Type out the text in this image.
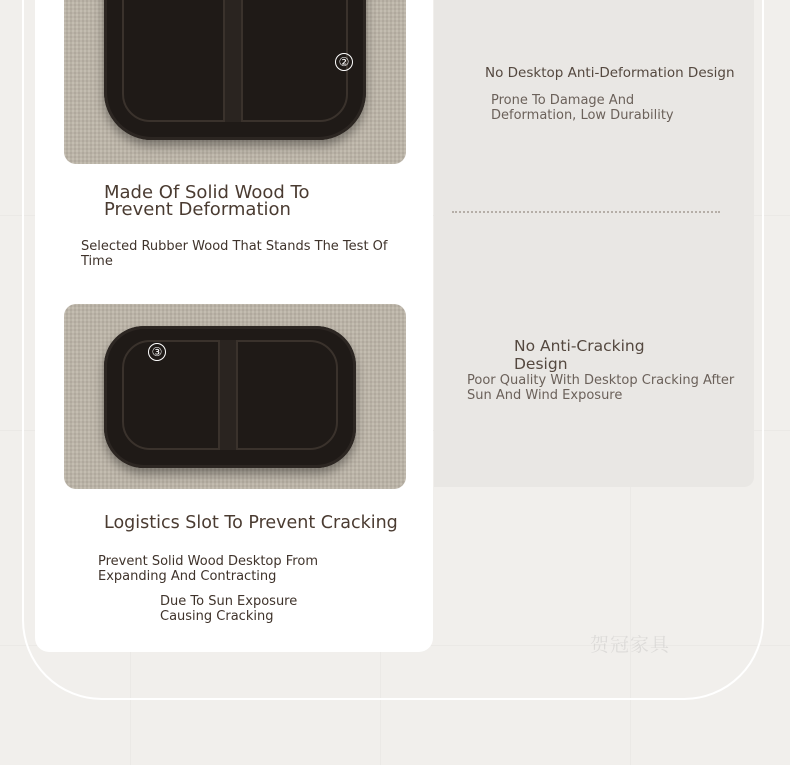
贺冠家具
②
Made Of Solid Wood To Prevent Deformation
Selected Rubber Wood That Stands The Test Of Time
③
Logistics Slot To Prevent Cracking
Prevent Solid Wood Desktop From Expanding And Contracting
Due To Sun Exposure Causing Cracking
No Desktop Anti-Deformation Design
Prone To Damage And Deformation, Low Durability
No Anti-Cracking Design
Poor Quality With Desktop Cracking After Sun And Wind Exposure
